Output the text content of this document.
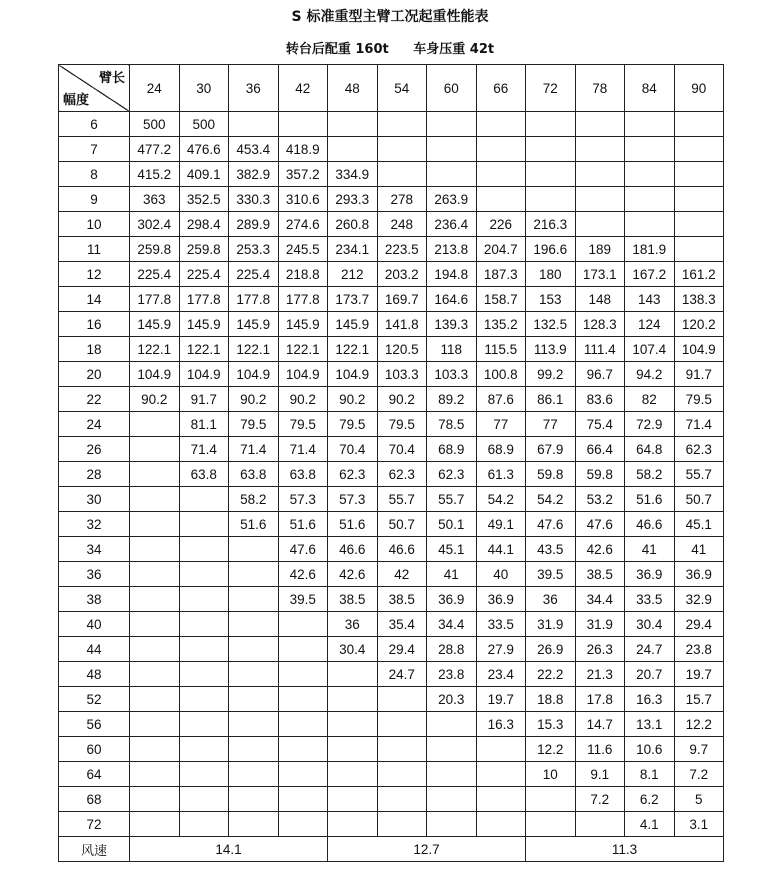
S 标准重型主臂工况起重性能表
转台后配重 160t 车身压重 42t
臂长
幅度	24	30	36	42	48	54	60	66	72	78	84	90
6	500	500										
7	477.2	476.6	453.4	418.9								
8	415.2	409.1	382.9	357.2	334.9							
9	363	352.5	330.3	310.6	293.3	278	263.9					
10	302.4	298.4	289.9	274.6	260.8	248	236.4	226	216.3			
11	259.8	259.8	253.3	245.5	234.1	223.5	213.8	204.7	196.6	189	181.9	
12	225.4	225.4	225.4	218.8	212	203.2	194.8	187.3	180	173.1	167.2	161.2
14	177.8	177.8	177.8	177.8	173.7	169.7	164.6	158.7	153	148	143	138.3
16	145.9	145.9	145.9	145.9	145.9	141.8	139.3	135.2	132.5	128.3	124	120.2
18	122.1	122.1	122.1	122.1	122.1	120.5	118	115.5	113.9	111.4	107.4	104.9
20	104.9	104.9	104.9	104.9	104.9	103.3	103.3	100.8	99.2	96.7	94.2	91.7
22	90.2	91.7	90.2	90.2	90.2	90.2	89.2	87.6	86.1	83.6	82	79.5
24		81.1	79.5	79.5	79.5	79.5	78.5	77	77	75.4	72.9	71.4
26		71.4	71.4	71.4	70.4	70.4	68.9	68.9	67.9	66.4	64.8	62.3
28		63.8	63.8	63.8	62.3	62.3	62.3	61.3	59.8	59.8	58.2	55.7
30			58.2	57.3	57.3	55.7	55.7	54.2	54.2	53.2	51.6	50.7
32			51.6	51.6	51.6	50.7	50.1	49.1	47.6	47.6	46.6	45.1
34				47.6	46.6	46.6	45.1	44.1	43.5	42.6	41	41
36				42.6	42.6	42	41	40	39.5	38.5	36.9	36.9
38				39.5	38.5	38.5	36.9	36.9	36	34.4	33.5	32.9
40					36	35.4	34.4	33.5	31.9	31.9	30.4	29.4
44					30.4	29.4	28.8	27.9	26.9	26.3	24.7	23.8
48						24.7	23.8	23.4	22.2	21.3	20.7	19.7
52							20.3	19.7	18.8	17.8	16.3	15.7
56								16.3	15.3	14.7	13.1	12.2
60									12.2	11.6	10.6	9.7
64									10	9.1	8.1	7.2
68										7.2	6.2	5
72											4.1	3.1
风速	14.1				12.7				11.3			
